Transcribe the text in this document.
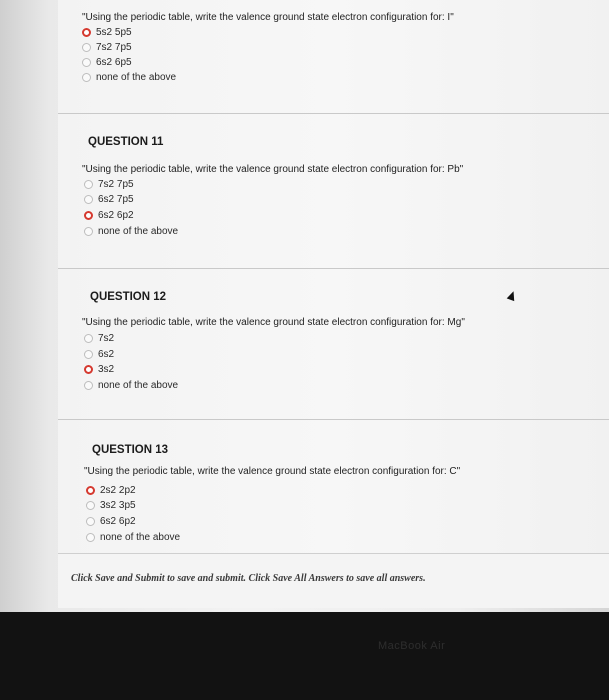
"Using the periodic table, write the valence ground state electron configuration for: I"
5s2 5p5
7s2 7p5
6s2 6p5
none of the above
QUESTION 11
"Using the periodic table, write the valence ground state electron configuration for: Pb"
7s2 7p5
6s2 7p5
6s2 6p2
none of the above
QUESTION 12
"Using the periodic table, write the valence ground state electron configuration for: Mg"
7s2
6s2
3s2
none of the above
QUESTION 13
"Using the periodic table, write the valence ground state electron configuration for: C"
2s2 2p2
3s2 3p5
6s2 6p2
none of the above
Click Save and Submit to save and submit. Click Save All Answers to save all answers.
MacBook Air
